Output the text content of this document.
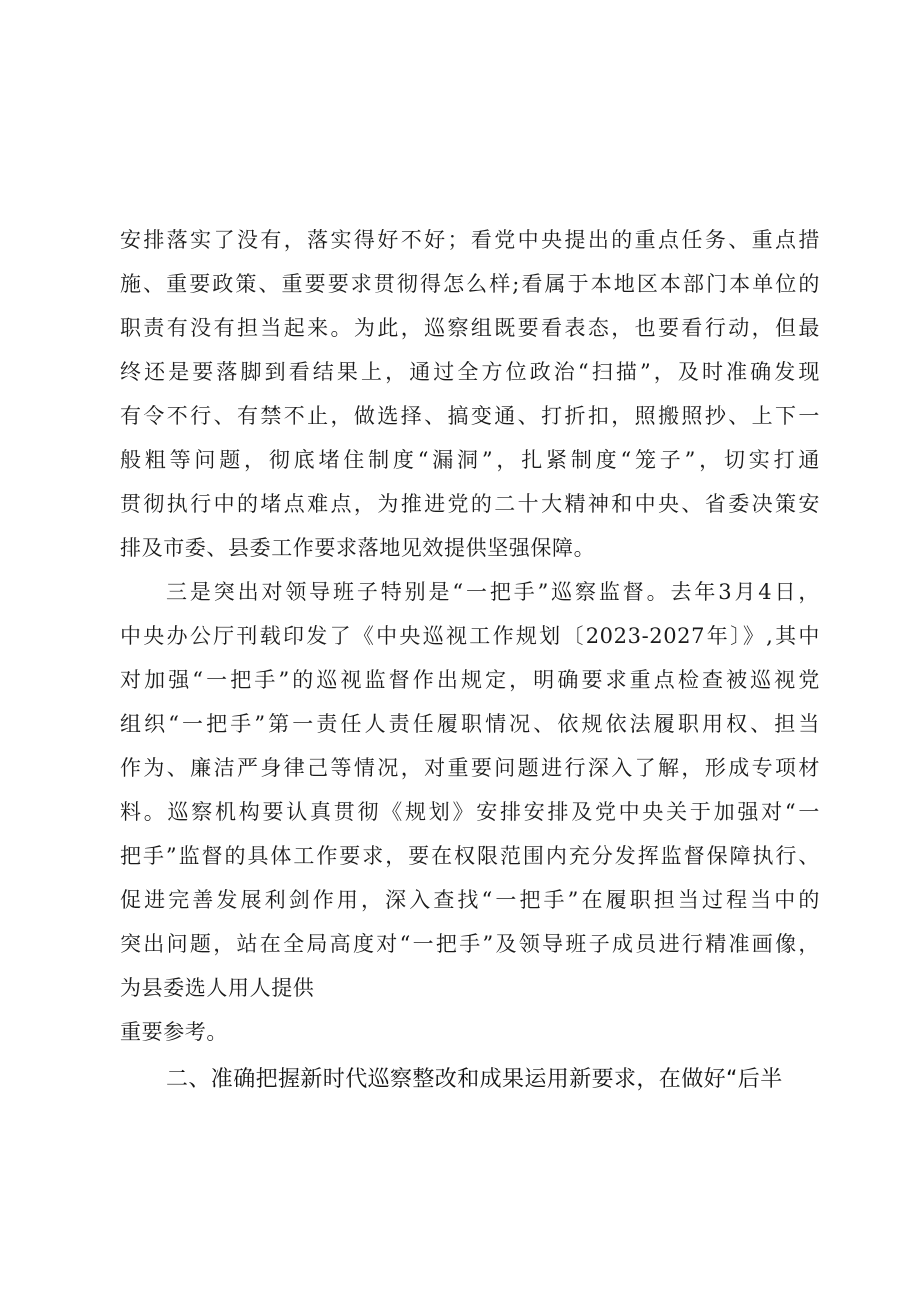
安排落实了没有，落实得好不好；看党中央提出的重点任务、重点措
施、重要政策、重要要求贯彻得怎么样;看属于本地区本部门本单位的
职责有没有担当起来。为此，巡察组既要看表态，也要看行动，但最
终还是要落脚到看结果上，通过全方位政治“扫描”，及时准确发现
有令不行、有禁不止，做选择、搞变通、打折扣，照搬照抄、上下一
般粗等问题，彻底堵住制度“漏洞”，扎紧制度“笼子”，切实打通
贯彻执行中的堵点难点，为推进党的二十大精神和中央、省委决策安
排及市委、县委工作要求落地见效提供坚强保障。
三是突出对领导班子特别是“一把手”巡察监督。去年3月4日，
中央办公厅刊载印发了《中央巡视工作规划〔2023-2027年〕》,其中
对加强“一把手”的巡视监督作出规定，明确要求重点检查被巡视党
组织“一把手”第一责任人责任履职情况、依规依法履职用权、担当
作为、廉洁严身律己等情况，对重要问题进行深入了解，形成专项材
料。巡察机构要认真贯彻《规划》安排安排及党中央关于加强对“一
把手”监督的具体工作要求，要在权限范围内充分发挥监督保障执行、
促进完善发展利剑作用，深入查找“一把手”在履职担当过程当中的
突出问题，站在全局高度对“一把手”及领导班子成员进行精准画像，
为县委选人用人提供
重要参考。
二、准确把握新时代巡察整改和成果运用新要求，在做好“后半
